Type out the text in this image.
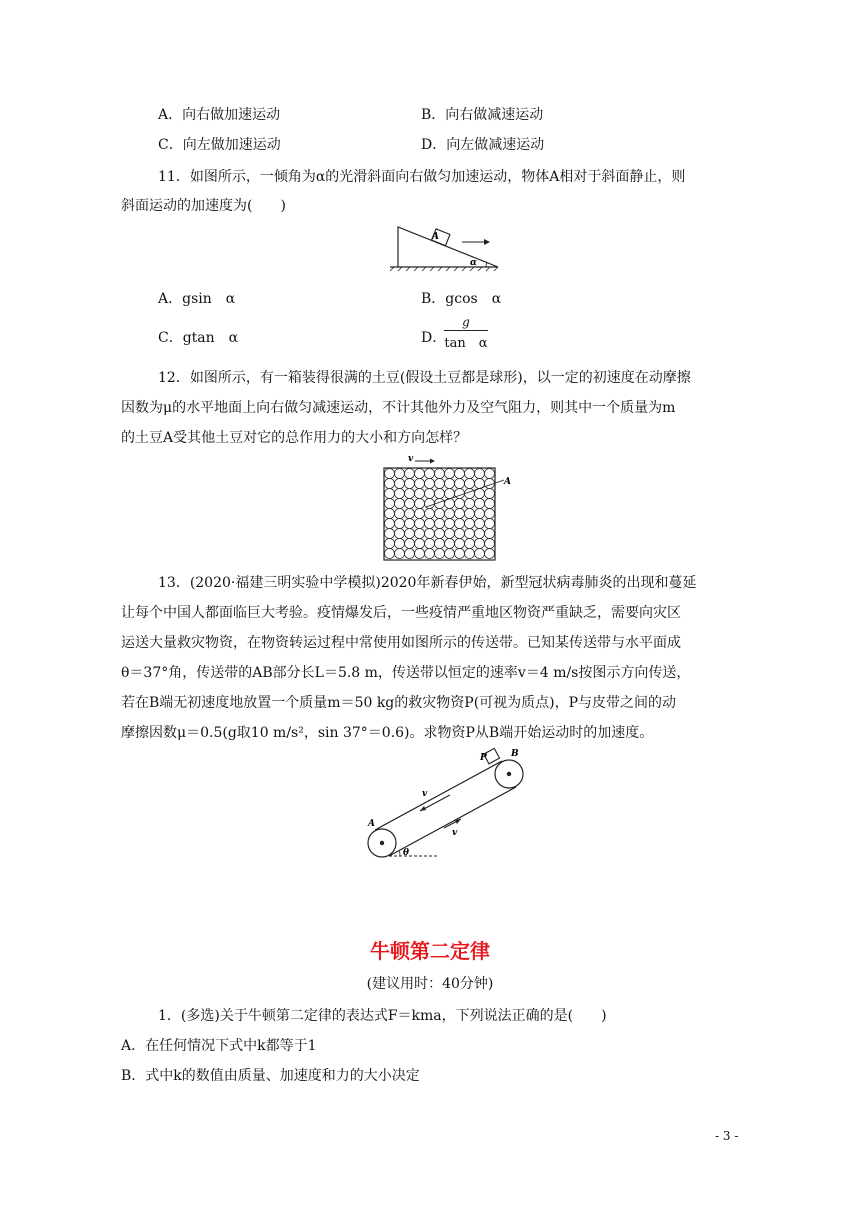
A．向右做加速运动	B．向右做减速运动
C．向左做加速运动	D．向左做减速运动
11．如图所示，一倾角为α的光滑斜面向右做匀加速运动，物体A相对于斜面静止，则
斜面运动的加速度为(　　)
A
α
A．gsin　α	B．gcos　α
C．gtan　α	D．
g
tan　α
12．如图所示，有一箱装得很满的土豆(假设土豆都是球形)，以一定的初速度在动摩擦
因数为μ的水平地面上向右做匀减速运动，不计其他外力及空气阻力，则其中一个质量为m
的土豆A受其他土豆对它的总作用力的大小和方向怎样？
v
A
13．(2020·福建三明实验中学模拟)2020年新春伊始，新型冠状病毒肺炎的出现和蔓延
让每个中国人都面临巨大考验。疫情爆发后，一些疫情严重地区物资严重缺乏，需要向灾区
运送大量救灾物资，在物资转运过程中常使用如图所示的传送带。已知某传送带与水平面成
θ＝37°角，传送带的AB部分长L＝5.8 m，传送带以恒定的速率v＝4 m/s按图示方向传送，
若在B端无初速度地放置一个质量m＝50 kg的救灾物资P(可视为质点)，P与皮带之间的动
摩擦因数μ＝0.5(g取10 m/s²，sin 37°＝0.6)。求物资P从B端开始运动时的加速度。
P	B
A
v
v
θ
牛顿第二定律
(建议用时：40分钟)
1．(多选)关于牛顿第二定律的表达式F＝kma，下列说法正确的是(　　)
A．在任何情况下式中k都等于1
B．式中k的数值由质量、加速度和力的大小决定
- 3 -
